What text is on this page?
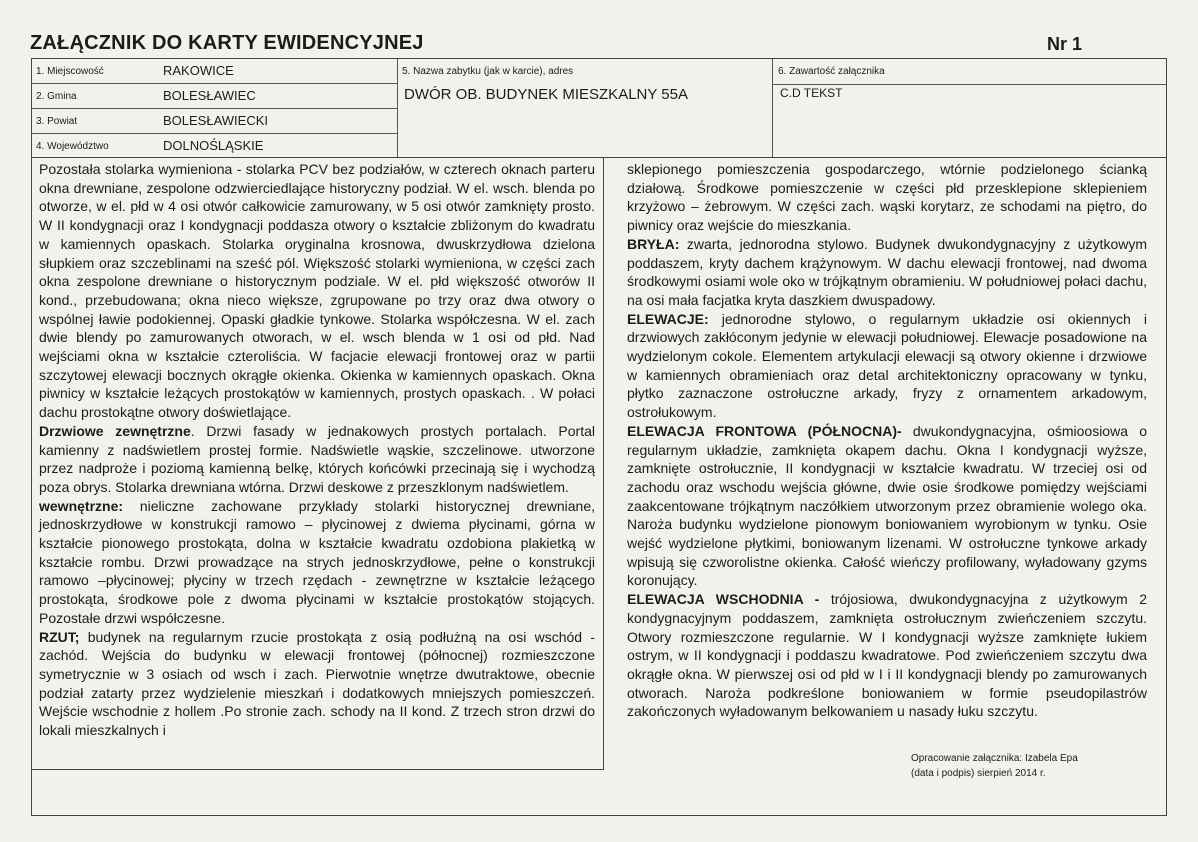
ZAŁĄCZNIK DO KARTY EWIDENCYJNEJ	Nr 1
1. Miejscowość	RAKOWICE
2. Gmina	BOLESŁAWIEC
3. Powiat	BOLESŁAWIECKI
4. Województwo	DOLNOŚLĄSKIE
5. Nazwa zabytku (jak w karcie), adres
DWÓR OB. BUDYNEK MIESZKALNY 55A
6. Zawartość załącznika
C.D TEKST

Pozostała stolarka wymieniona - stolarka PCV bez podziałów, w czterech oknach parteru okna drewniane, zespolone odzwierciedlające historyczny podział. W el. wsch. blenda po otworze, w el. płd w 4 osi otwór całkowicie zamurowany, w 5 osi otwór zamknięty prosto. W II kondygnacji oraz I kondygnacji poddasza otwory o kształcie zbliżonym do kwadratu w kamiennych opaskach. Stolarka oryginalna krosnowa, dwuskrzydłowa dzielona słupkiem oraz szczeblinami na sześć pól. Większość stolarki wymieniona, w części zach okna zespolone drewniane o historycznym podziale. W el. płd większość otworów II kond., przebudowana; okna nieco większe, zgrupowane po trzy oraz dwa otwory o wspólnej ławie podokiennej. Opaski gładkie tynkowe. Stolarka współczesna. W el. zach dwie blendy po zamurowanych otworach, w el. wsch blenda w 1 osi od płd. Nad wejściami okna w kształcie czteroliścia. W facjacie elewacji frontowej oraz w partii szczytowej elewacji bocznych okrągłe okienka. Okienka w kamiennych opaskach. Okna piwnicy w kształcie leżących prostokątów w kamiennych, prostych opaskach. . W połaci dachu prostokątne otwory doświetlające.

Drzwiowe zewnętrzne. Drzwi fasady w jednakowych prostych portalach. Portal kamienny z nadświetlem prostej formie. Nadświetle wąskie, szczelinowe. utworzone przez nadproże i poziomą kamienną belkę, których końcówki przecinają się i wychodzą poza obrys. Stolarka drewniana wtórna. Drzwi deskowe z przeszklonym nadświetlem.

wewnętrzne: nieliczne zachowane przykłady stolarki historycznej drewniane, jednoskrzydłowe w konstrukcji ramowo – płycinowej z dwiema płycinami, górna w kształcie pionowego prostokąta, dolna w kształcie kwadratu ozdobiona plakietką w kształcie rombu. Drzwi prowadzące na strych jednoskrzydłowe, pełne o konstrukcji ramowo –płycinowej; płyciny w trzech rzędach - zewnętrzne w kształcie leżącego prostokąta, środkowe pole z dwoma płycinami w kształcie prostokątów stojących. Pozostałe drzwi współczesne.

RZUT; budynek na regularnym rzucie prostokąta z osią podłużną na osi wschód - zachód. Wejścia do budynku w elewacji frontowej (północnej) rozmieszczone symetrycznie w 3 osiach od wsch i zach. Pierwotnie wnętrze dwutraktowe, obecnie podział zatarty przez wydzielenie mieszkań i dodatkowych mniejszych pomieszczeń. Wejście wschodnie z hollem .Po stronie zach. schody na II kond. Z trzech stron drzwi do lokali mieszkalnych i

sklepionego pomieszczenia gospodarczego, wtórnie podzielonego ścianką działową. Środkowe pomieszczenie w części płd przesklepione sklepieniem krzyżowo – żebrowym. W części zach. wąski korytarz, ze schodami na piętro, do piwnicy oraz wejście do mieszkania.

BRYŁA: zwarta, jednorodna stylowo. Budynek dwukondygnacyjny z użytkowym poddaszem, kryty dachem krążynowym. W dachu elewacji frontowej, nad dwoma środkowymi osiami wole oko w trójkątnym obramieniu. W południowej połaci dachu, na osi mała facjatka kryta daszkiem dwuspadowy.

ELEWACJE: jednorodne stylowo, o regularnym układzie osi okiennych i drzwiowych zakłóconym jedynie w elewacji południowej. Elewacje posadowione na wydzielonym cokole. Elementem artykulacji elewacji są otwory okienne i drzwiowe w kamiennych obramieniach oraz detal architektoniczny opracowany w tynku, płytko zaznaczone ostrołuczne arkady, fryzy z ornamentem arkadowym, ostrołukowym.

ELEWACJA FRONTOWA (PÓŁNOCNA)- dwukondygnacyjna, ośmioosiowa o regularnym układzie, zamknięta okapem dachu. Okna I kondygnacji wyższe, zamknięte ostrołucznie, II kondygnacji w kształcie kwadratu. W trzeciej osi od zachodu oraz wschodu wejścia główne, dwie osie środkowe pomiędzy wejściami zaakcentowane trójkątnym naczółkiem utworzonym przez obramienie wolego oka. Naroża budynku wydzielone pionowym boniowaniem wyrobionym w tynku. Osie wejść wydzielone płytkimi, boniowanym lizenami. W ostrołuczne tynkowe arkady wpisują się czworolistne okienka. Całość wieńczy profilowany, wyładowany gzyms koronujący.

ELEWACJA WSCHODNIA - trójosiowa, dwukondygnacyjna z użytkowym 2 kondygnacyjnym poddaszem, zamknięta ostrołucznym zwieńczeniem szczytu. Otwory rozmieszczone regularnie. W I kondygnacji wyższe zamknięte łukiem ostrym, w II kondygnacji i poddaszu kwadratowe. Pod zwieńczeniem szczytu dwa okrągłe okna. W pierwszej osi od płd w I i II kondygnacji blendy po zamurowanych otworach. Naroża podkreślone boniowaniem w formie pseudopilastrów zakończonych wyładowanym belkowaniem u nasady łuku szczytu.

Opracowanie załącznika: Izabela Epa
(data i podpis) sierpień 2014 r.
